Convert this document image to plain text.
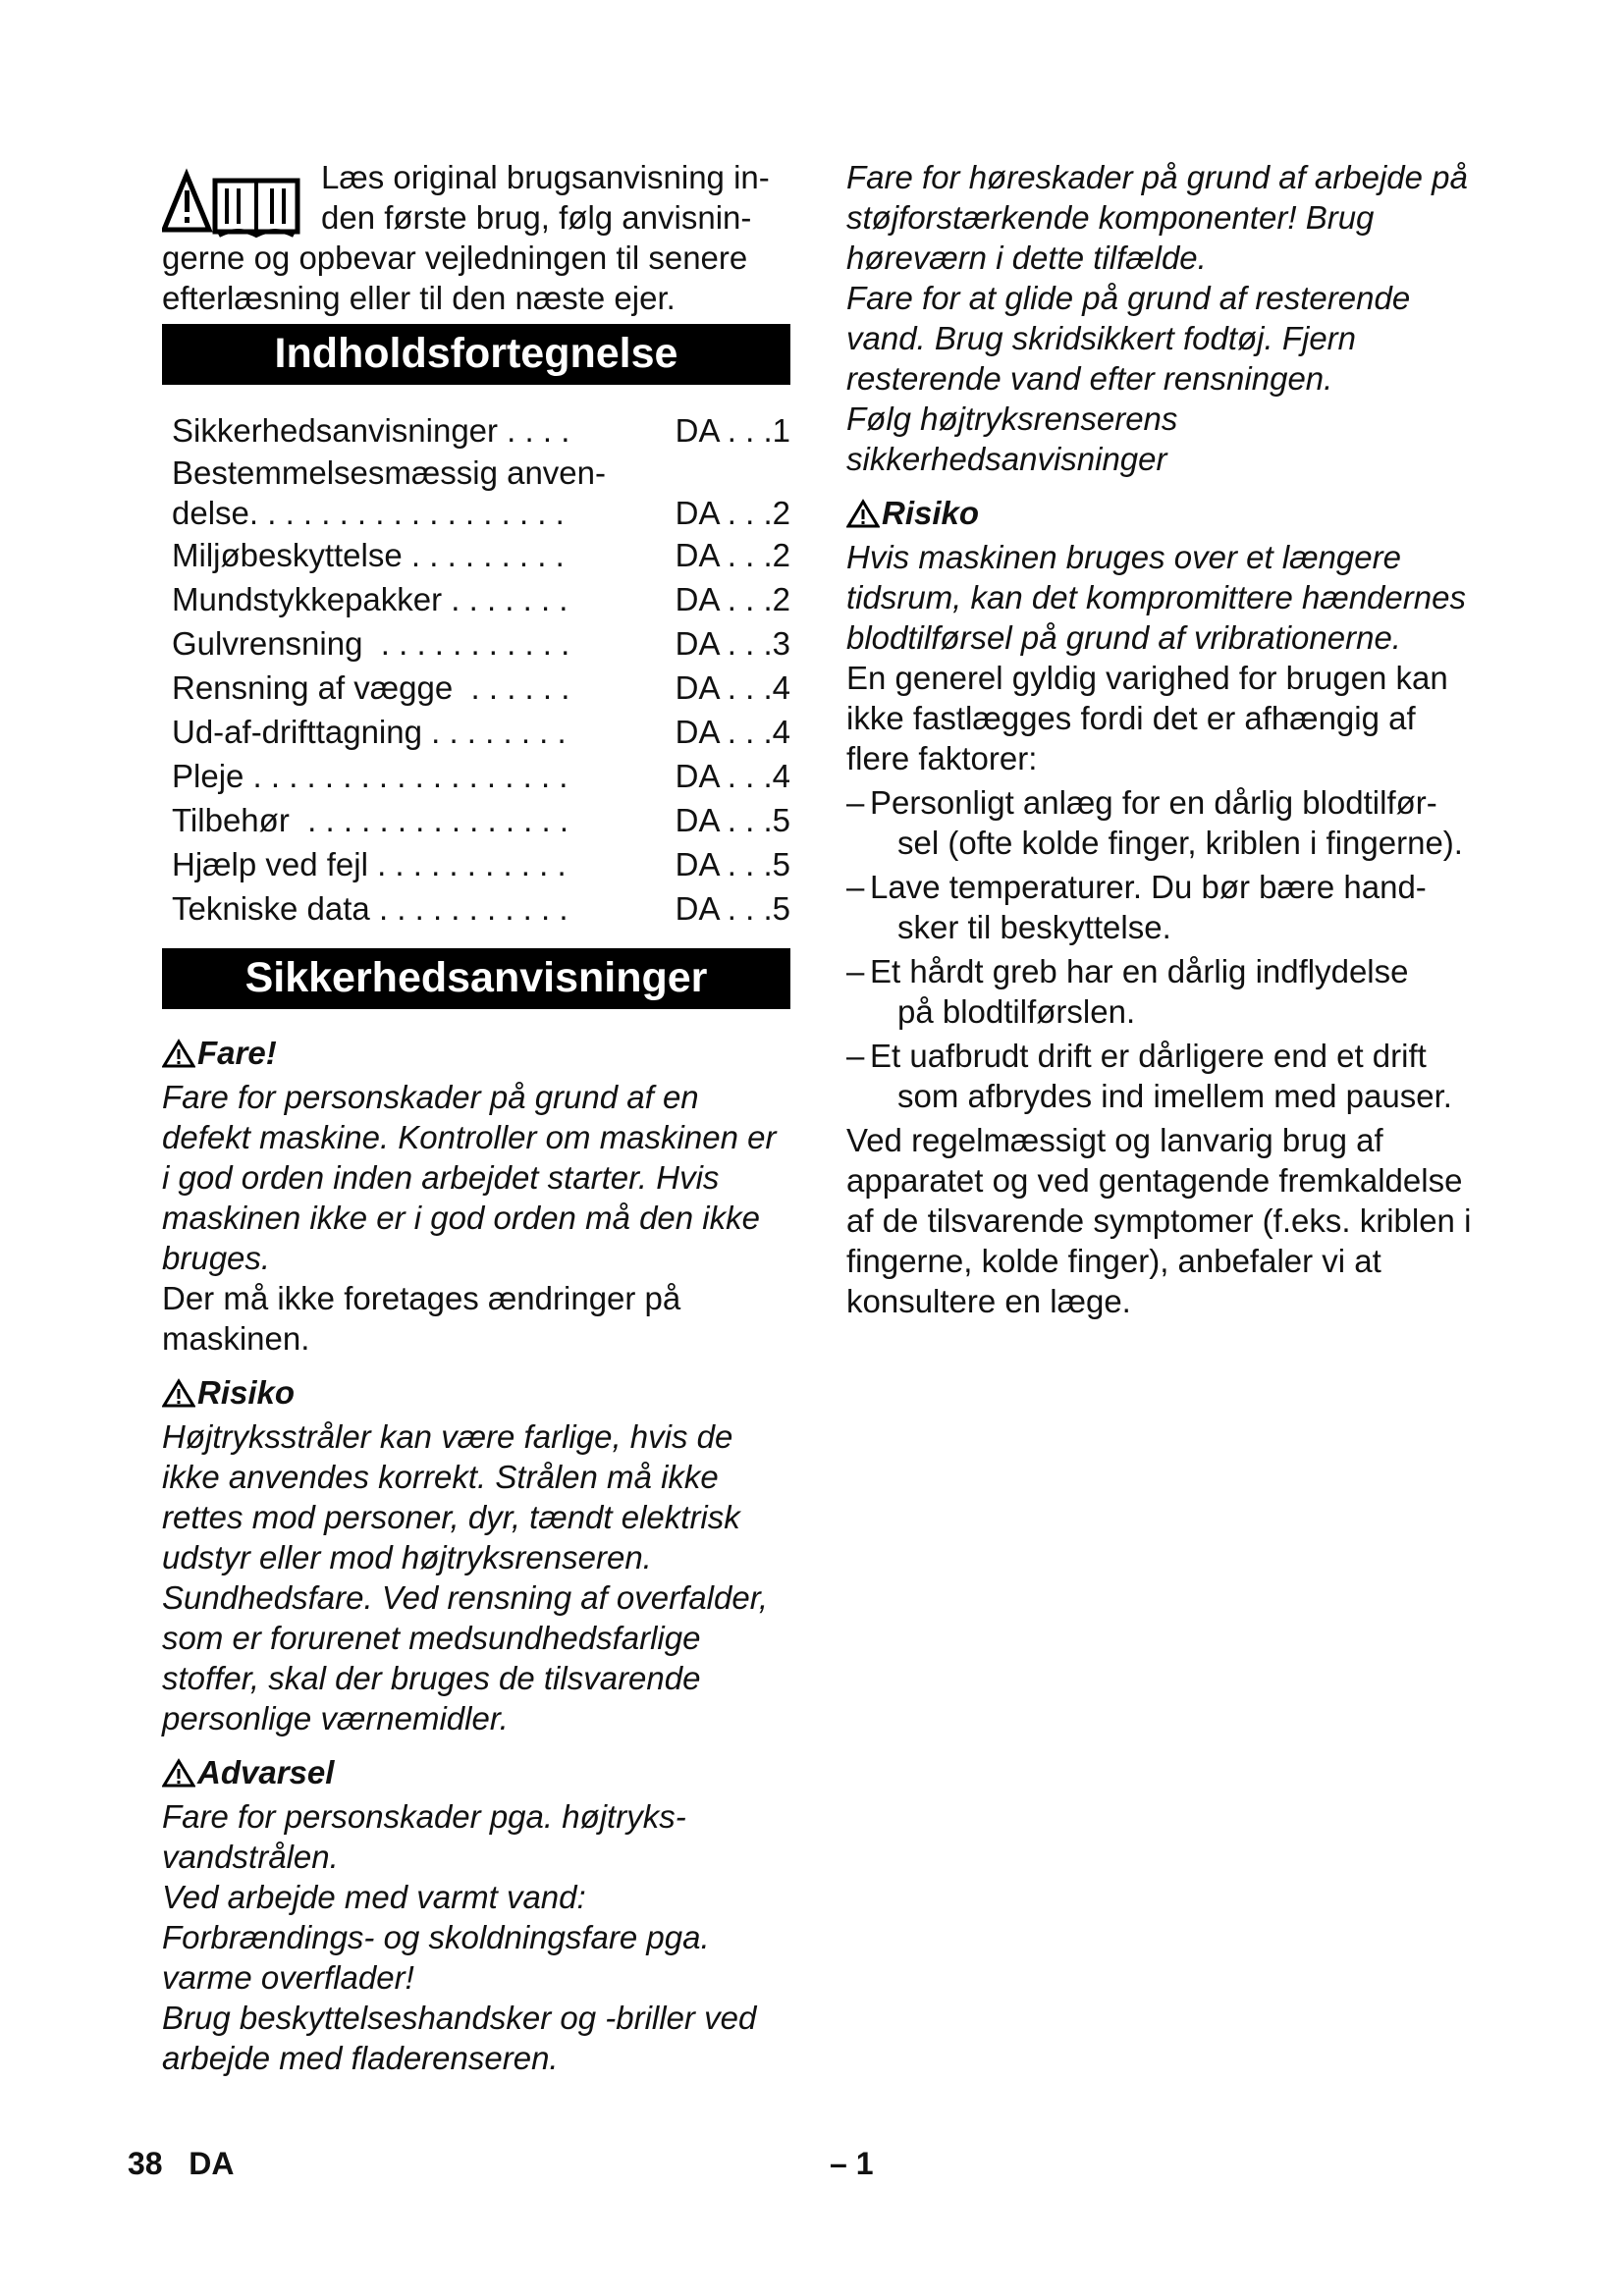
Læs original brugsanvisning in-
den første brug, følg anvisnin-
gerne og opbevar vejledningen til senere efterlæsning eller til den næste ejer.
Indholdsfortegnelse
Sikkerhedsanvisninger . . . .	DA . . .1
Bestemmelsesmæssig anven-
delse. . . . . . . . . . . . . . . . . .	DA . . .2
Miljøbeskyttelse . . . . . . . . .	DA . . .2
Mundstykkepakker . . . . . . .	DA . . .2
Gulvrensning  . . . . . . . . . . .	DA . . .3
Rensning af vægge  . . . . . .	DA . . .4
Ud-af-drifttagning . . . . . . . .	DA . . .4
Pleje . . . . . . . . . . . . . . . . . .	DA . . .4
Tilbehør  . . . . . . . . . . . . . . .	DA . . .5
Hjælp ved fejl . . . . . . . . . . .	DA . . .5
Tekniske data . . . . . . . . . . .	DA . . .5
Sikkerhedsanvisninger
Fare!

Fare for personskader på grund af en defekt maskine. Kontroller om maskinen er i god orden inden arbejdet starter. Hvis maskinen ikke er i god orden må den ikke bruges.

Der må ikke foretages ændringer på maskinen.

Risiko

Højtryksstråler kan være farlige, hvis de ikke anvendes korrekt. Strålen må ikke rettes mod personer, dyr, tændt elektrisk udstyr eller mod højtryksrenseren.

Sundhedsfare. Ved rensning af overfalder, som er forurenet medsundhedsfarlige stoffer, skal der bruges de tilsvarende personlige værnemidler.

Advarsel

Fare for personskader pga. højtryks-vandstrålen.

Ved arbejde med varmt vand: Forbrændings- og skoldningsfare pga. varme overflader!

Brug beskyttelseshandsker og -briller ved arbejde med fladerenseren.

Fare for høreskader på grund af arbejde på støjforstærkende komponenter! Brug høreværn i dette tilfælde.

Fare for at glide på grund af resterende vand. Brug skridsikkert fodtøj. Fjern resterende vand efter rensningen.

Følg højtryksrenserens sikkerhedsanvisninger

Risiko

Hvis maskinen bruges over et længere tidsrum, kan det kompromittere hændernes blodtilførsel på grund af vribrationerne.

En generel gyldig varighed for brugen kan ikke fastlægges fordi det er afhængig af flere faktorer:

– Personligt anlæg for en dårlig blodtilfør-
sel (ofte kolde finger, kriblen i fingerne).
– Lave temperaturer. Du bør bære hand-
sker til beskyttelse.
– Et hårdt greb har en dårlig indflydelse
på blodtilførslen.
– Et uafbrudt drift er dårligere end et drift
som afbrydes ind imellem med pauser.

Ved regelmæssigt og lanvarig brug af apparatet og ved gentagende fremkaldelse af de tilsvarende symptomer (f.eks. kriblen i fingerne, kolde finger), anbefaler vi at konsultere en læge.

38 DA	– 1
